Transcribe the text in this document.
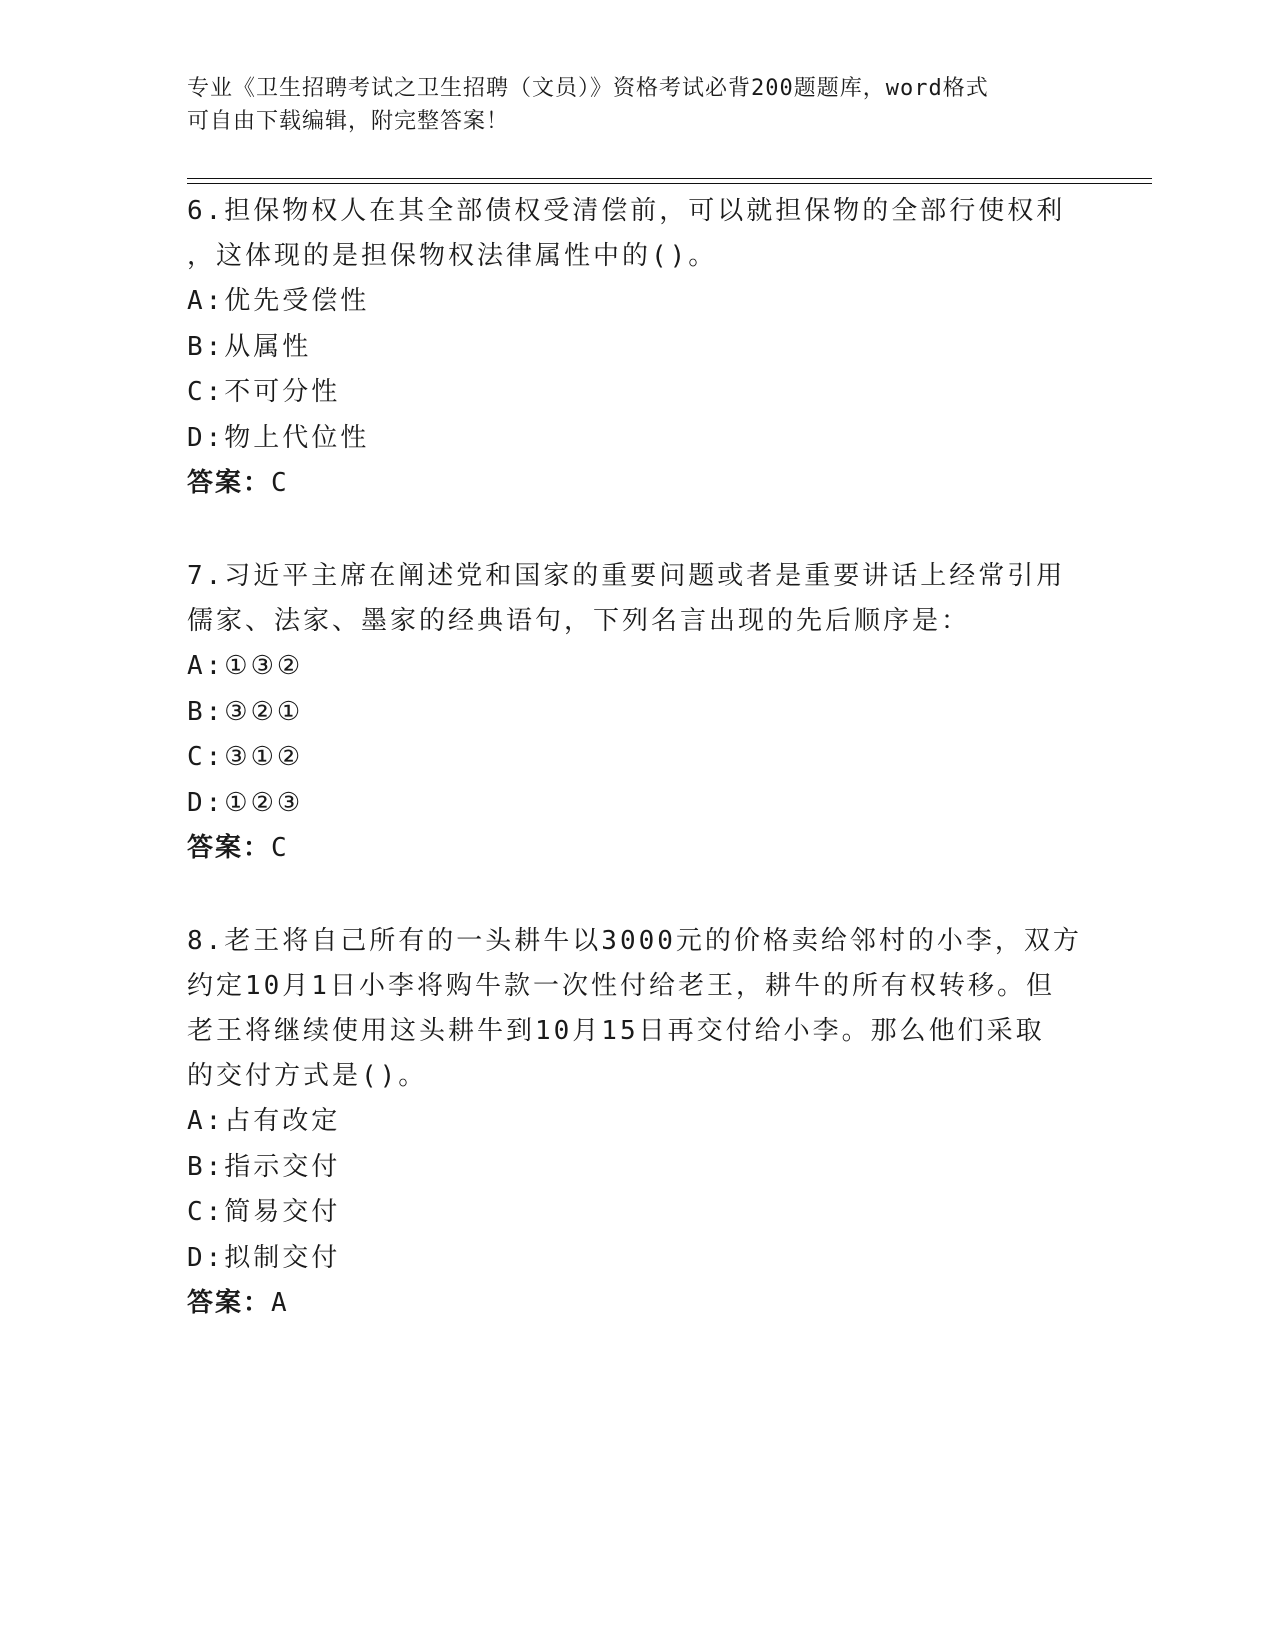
专业《卫生招聘考试之卫生招聘（文员）》资格考试必背200题题库，word格式
可自由下载编辑，附完整答案！
6.担保物权人在其全部债权受清偿前，可以就担保物的全部行使权利
，这体现的是担保物权法律属性中的()。
A:优先受偿性
B:从属性
C:不可分性
D:物上代位性
答案：C
7.习近平主席在阐述党和国家的重要问题或者是重要讲话上经常引用
儒家、法家、墨家的经典语句，下列名言出现的先后顺序是：
A:①③②
B:③②①
C:③①②
D:①②③
答案：C
8.老王将自己所有的一头耕牛以3000元的价格卖给邻村的小李，双方
约定10月1日小李将购牛款一次性付给老王，耕牛的所有权转移。但
老王将继续使用这头耕牛到10月15日再交付给小李。那么他们采取
的交付方式是()。
A:占有改定
B:指示交付
C:简易交付
D:拟制交付
答案：A
